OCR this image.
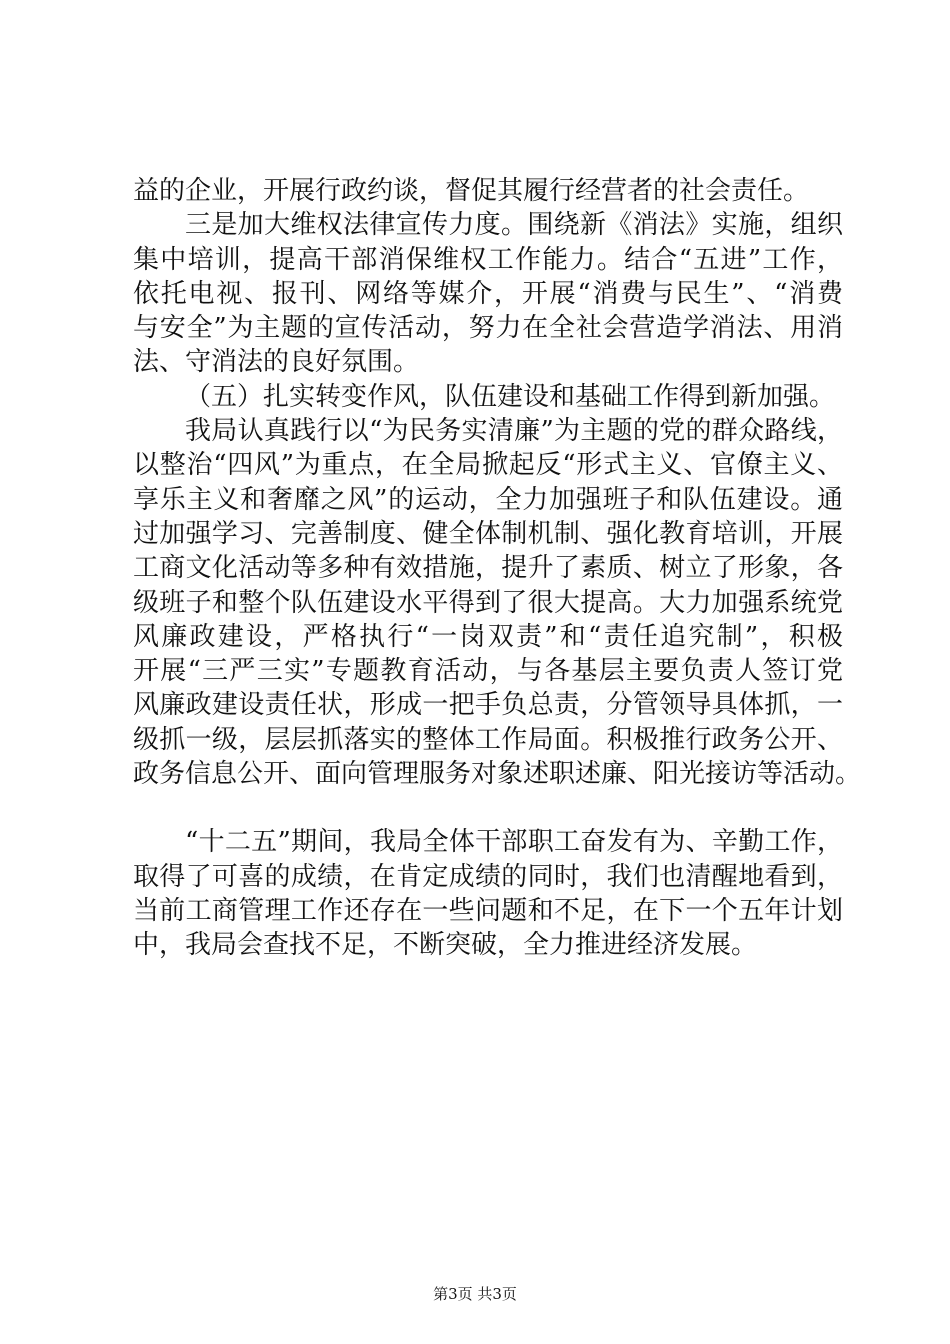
益的企业，开展行政约谈，督促其履行经营者的社会责任。
三是加大维权法律宣传力度。围绕新《消法》实施，组织
集中培训，提高干部消保维权工作能力。结合“五进”工作，
依托电视、报刊、网络等媒介，开展“消费与民生”、“消费
与安全”为主题的宣传活动，努力在全社会营造学消法、用消
法、守消法的良好氛围。
（五）扎实转变作风，队伍建设和基础工作得到新加强。
我局认真践行以“为民务实清廉”为主题的党的群众路线，
以整治“四风”为重点，在全局掀起反“形式主义、官僚主义、
享乐主义和奢靡之风”的运动，全力加强班子和队伍建设。通
过加强学习、完善制度、健全体制机制、强化教育培训，开展
工商文化活动等多种有效措施，提升了素质、树立了形象，各
级班子和整个队伍建设水平得到了很大提高。大力加强系统党
风廉政建设，严格执行“一岗双责”和“责任追究制”，积极
开展“三严三实”专题教育活动，与各基层主要负责人签订党
风廉政建设责任状，形成一把手负总责，分管领导具体抓，一
级抓一级，层层抓落实的整体工作局面。积极推行政务公开、
政务信息公开、面向管理服务对象述职述廉、阳光接访等活动。
“十二五”期间，我局全体干部职工奋发有为、辛勤工作，
取得了可喜的成绩，在肯定成绩的同时，我们也清醒地看到，
当前工商管理工作还存在一些问题和不足，在下一个五年计划
中，我局会查找不足，不断突破，全力推进经济发展。
第3页 共3页
